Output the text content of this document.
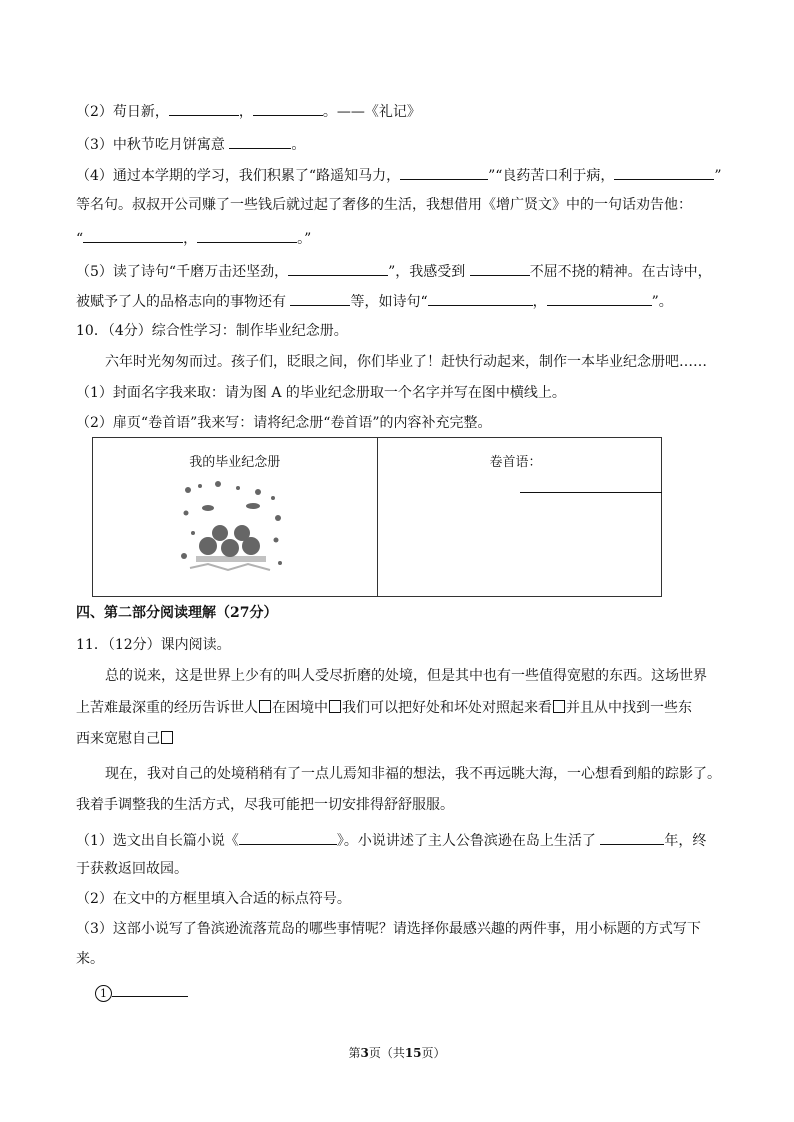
（2）苟日新，	，	。——《礼记》
（3）中秋节吃月饼寓意	。
（4）通过本学期的学习，我们积累了“路遥知马力，	”“良药苦口利于病，	”
等名句。叔叔开公司赚了一些钱后就过起了奢侈的生活，我想借用《增广贤文》中的一句话劝告他：
“	，	。”
（5）读了诗句“千磨万击还坚劲，	”，我感受到	不屈不挠的精神。在古诗中，
被赋予了人的品格志向的事物还有	等，如诗句“	，	”。
10．（4分）综合性学习：制作毕业纪念册。
六年时光匆匆而过。孩子们，眨眼之间，你们毕业了！赶快行动起来，制作一本毕业纪念册吧……
（1）封面名字我来取：请为图 A 的毕业纪念册取一个名字并写在图中横线上。
（2）扉页“卷首语”我来写：请将纪念册“卷首语”的内容补充完整。
我的毕业纪念册	卷首语：
四、第二部分阅读理解（27分）
11．（12分）课内阅读。
总的说来，这是世界上少有的叫人受尽折磨的处境，但是其中也有一些值得宽慰的东西。这场世界
上苦难最深重的经历告诉世人 在困境中 我们可以把好处和坏处对照起来看 并且从中找到一些东
西来宽慰自己
现在，我对自己的处境稍稍有了一点儿焉知非福的想法，我不再远眺大海，一心想看到船的踪影了。
我着手调整我的生活方式，尽我可能把一切安排得舒舒服服。
（1）选文出自长篇小说《	》。小说讲述了主人公鲁滨逊在岛上生活了	年，终
于获救返回故园。
（2）在文中的方框里填入合适的标点符号。
（3）这部小说写了鲁滨逊流落荒岛的哪些事情呢？请选择你最感兴趣的两件事，用小标题的方式写下
来。
1
第3页（共15页）
